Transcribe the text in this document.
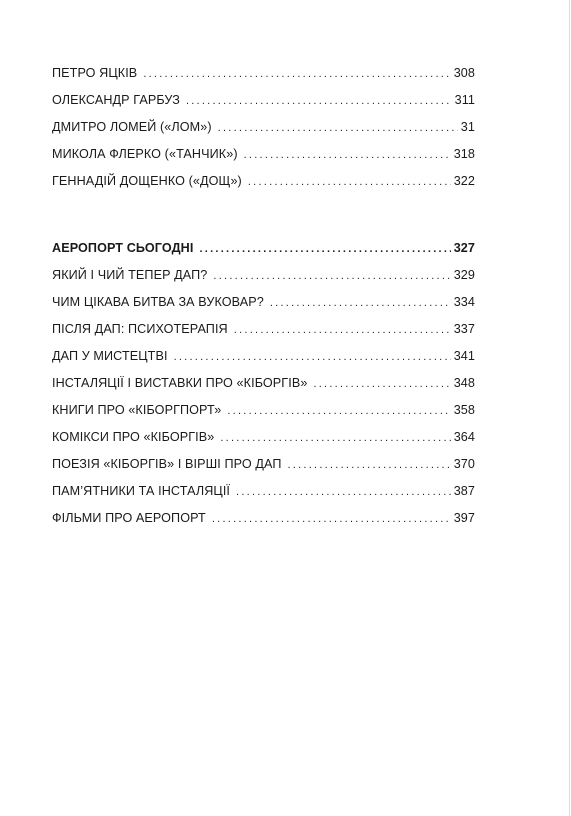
ПЕТРО ЯЦКІВ . . .	308
ОЛЕКСАНДР ГАРБУЗ . . .	311
ДМИТРО ЛОМЕЙ («ЛОМ») . . .	31
МИКОЛА ФЛЕРКО («ТАНЧИК») . . .	318
ГЕННАДІЙ ДОЩЕНКО («ДОЩ») . . .	322
АЕРОПОРТ СЬОГОДНІ . . .	327
ЯКИЙ І ЧИЙ ТЕПЕР ДАП? . . .	329
ЧИМ ЦІКАВА БИТВА ЗА ВУКОВАР? . . .	334
ПІСЛЯ ДАП: ПСИХОТЕРАПІЯ . . .	337
ДАП У МИСТЕЦТВІ . . .	341
ІНСТАЛЯЦІЇ І ВИСТАВКИ ПРО «КІБОРГІВ» . . .	348
КНИГИ ПРО «КІБОРГПОРТ» . . .	358
КОМІКСИ ПРО «КІБОРГІВ» . . .	364
ПОЕЗІЯ «КІБОРГІВ» І ВІРШІ ПРО ДАП . . .	370
ПАМ’ЯТНИКИ ТА ІНСТАЛЯЦІЇ . . .	387
ФІЛЬМИ ПРО АЕРОПОРТ . . .	397
